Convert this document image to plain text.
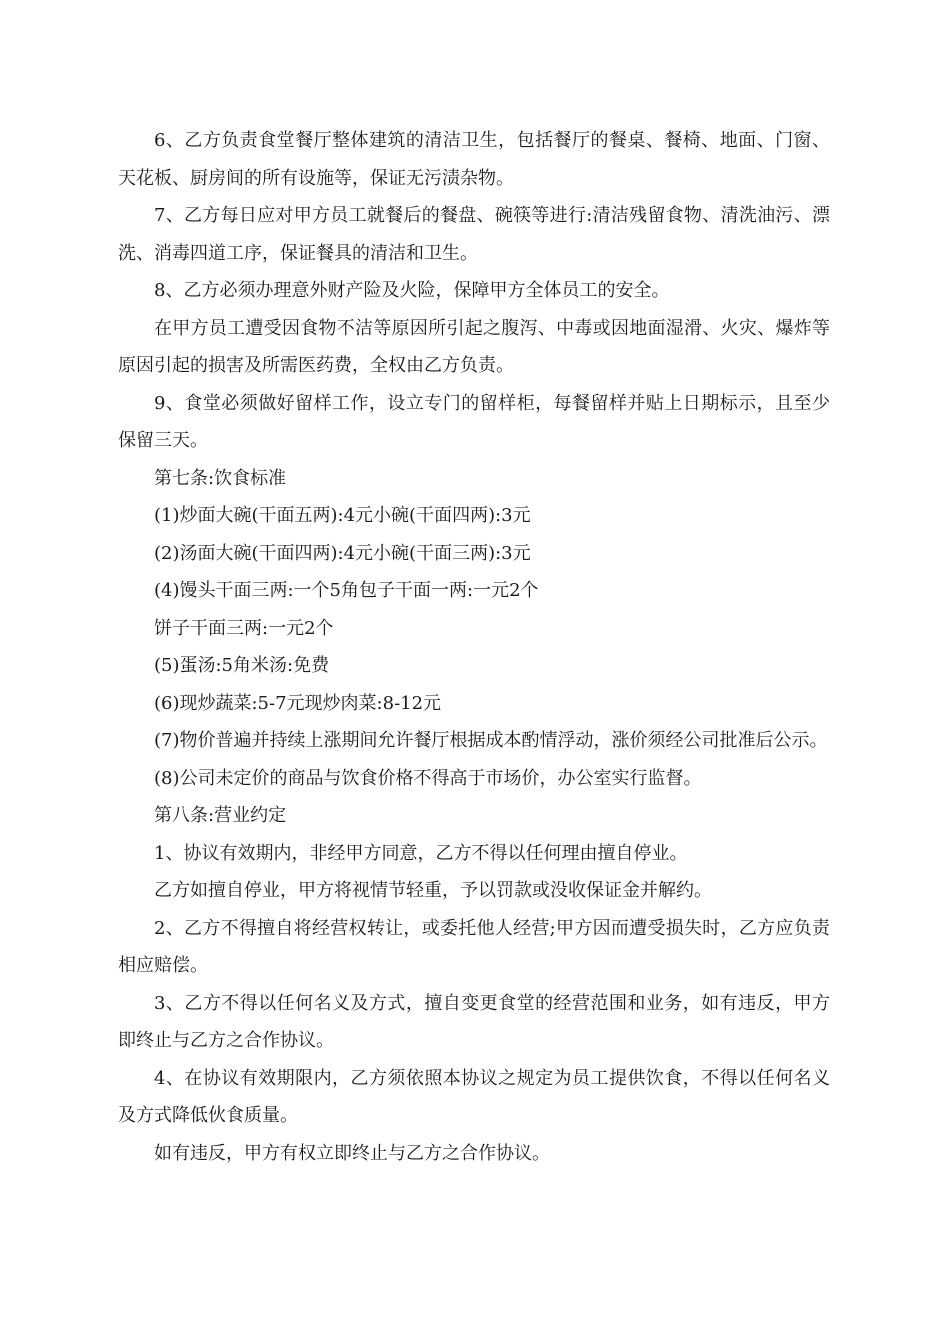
6、乙方负责食堂餐厅整体建筑的清洁卫生，包括餐厅的餐桌、餐椅、地面、门窗、天花板、厨房间的所有设施等，保证无污渍杂物。

7、乙方每日应对甲方员工就餐后的餐盘、碗筷等进行:清洁残留食物、清洗油污、漂洗、消毒四道工序，保证餐具的清洁和卫生。

8、乙方必须办理意外财产险及火险，保障甲方全体员工的安全。

在甲方员工遭受因食物不洁等原因所引起之腹泻、中毒或因地面湿滑、火灾、爆炸等原因引起的损害及所需医药费，全权由乙方负责。

9、食堂必须做好留样工作，设立专门的留样柜，每餐留样并贴上日期标示，且至少保留三天。

第七条:饮食标准

(1)炒面大碗(干面五两):4元小碗(干面四两):3元

(2)汤面大碗(干面四两):4元小碗(干面三两):3元

(4)馒头干面三两:一个5角包子干面一两:一元2个

饼子干面三两:一元2个

(5)蛋汤:5角米汤:免费

(6)现炒蔬菜:5-7元现炒肉菜:8-12元

(7)物价普遍并持续上涨期间允许餐厅根据成本酌情浮动，涨价须经公司批准后公示。

(8)公司未定价的商品与饮食价格不得高于市场价，办公室实行监督。

第八条:营业约定

1、协议有效期内，非经甲方同意，乙方不得以任何理由擅自停业。

乙方如擅自停业，甲方将视情节轻重，予以罚款或没收保证金并解约。

2、乙方不得擅自将经营权转让，或委托他人经营;甲方因而遭受损失时，乙方应负责相应赔偿。

3、乙方不得以任何名义及方式，擅自变更食堂的经营范围和业务，如有违反，甲方即终止与乙方之合作协议。

4、在协议有效期限内，乙方须依照本协议之规定为员工提供饮食，不得以任何名义及方式降低伙食质量。

如有违反，甲方有权立即终止与乙方之合作协议。
